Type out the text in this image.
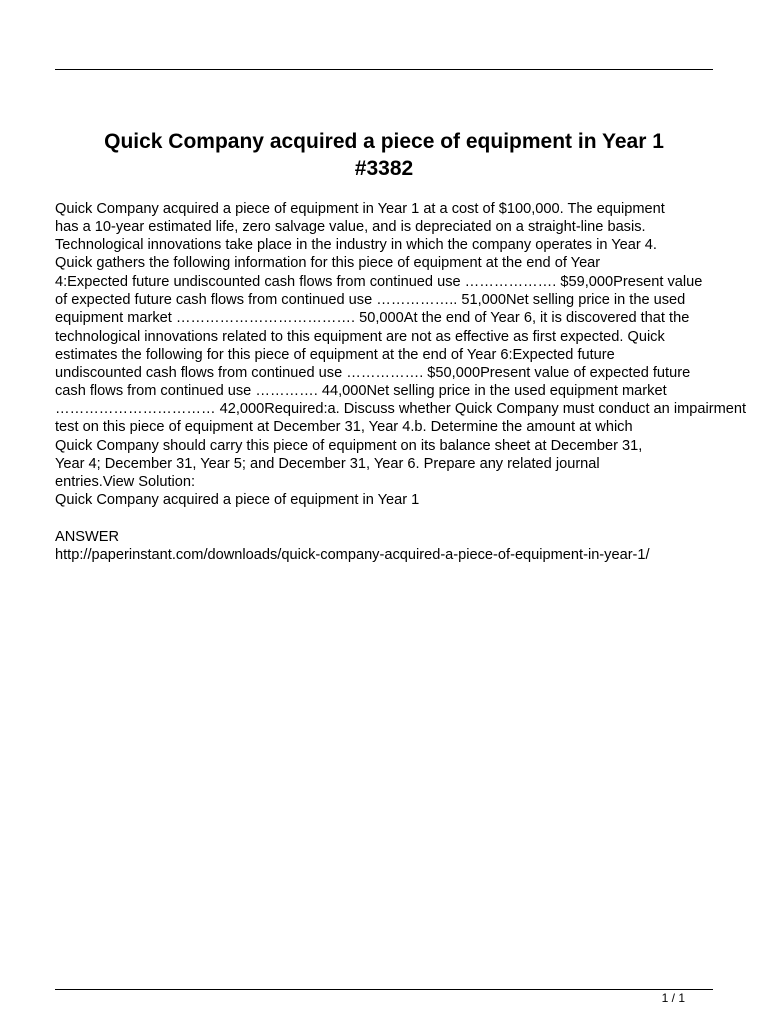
Quick Company acquired a piece of equipment in Year 1
#3382

Quick Company acquired a piece of equipment in Year 1 at a cost of $100,000. The equipment

has a 10-year estimated life, zero salvage value, and is depreciated on a straight-line basis.

Technological innovations take place in the industry in which the company operates in Year 4.

Quick gathers the following information for this piece of equipment at the end of Year

4:Expected future undiscounted cash flows from continued use ………………. $59,000Present value

of expected future cash flows from continued use …………….. 51,000Net selling price in the used

equipment market ………………………………. 50,000At the end of Year 6, it is discovered that the

technological innovations related to this equipment are not as effective as first expected. Quick

estimates the following for this piece of equipment at the end of Year 6:Expected future

undiscounted cash flows from continued use ……………. $50,000Present value of expected future

cash flows from continued use …………. 44,000Net selling price in the used equipment market

…………………………… 42,000Required:a. Discuss whether Quick Company must conduct an impairment

test on this piece of equipment at December 31, Year 4.b. Determine the amount at which

Quick Company should carry this piece of equipment on its balance sheet at December 31,

Year 4; December 31, Year 5; and December 31, Year 6. Prepare any related journal

entries.View Solution:

Quick Company acquired a piece of equipment in Year 1

ANSWER

http://paperinstant.com/downloads/quick-company-acquired-a-piece-of-equipment-in-year-1/

1 / 1
